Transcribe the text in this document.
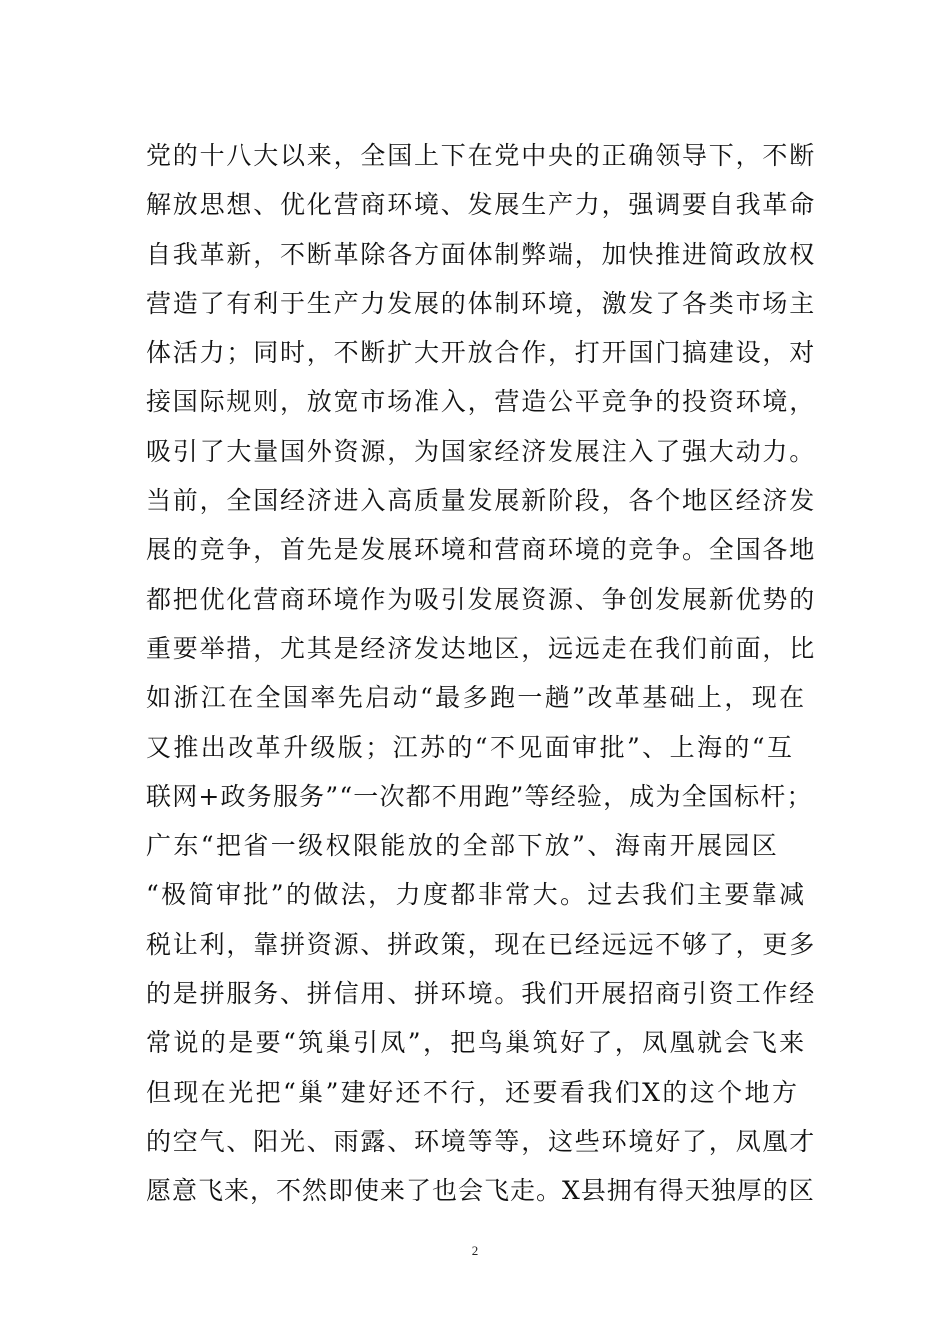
党的十八大以来，全国上下在党中央的正确领导下，不断
解放思想、优化营商环境、发展生产力，强调要自我革命
自我革新，不断革除各方面体制弊端，加快推进简政放权
营造了有利于生产力发展的体制环境，激发了各类市场主
体活力；同时，不断扩大开放合作，打开国门搞建设，对
接国际规则，放宽市场准入，营造公平竞争的投资环境，
吸引了大量国外资源，为国家经济发展注入了强大动力。
当前，全国经济进入高质量发展新阶段，各个地区经济发
展的竞争，首先是发展环境和营商环境的竞争。全国各地
都把优化营商环境作为吸引发展资源、争创发展新优势的
重要举措，尤其是经济发达地区，远远走在我们前面，比
如浙江在全国率先启动“最多跑一趟”改革基础上，现在
又推出改革升级版；江苏的“不见面审批”、上海的“互
联网+政务服务”“一次都不用跑”等经验，成为全国标杆；
广东“把省一级权限能放的全部下放”、海南开展园区
“极简审批”的做法，力度都非常大。过去我们主要靠减
税让利，靠拼资源、拼政策，现在已经远远不够了，更多
的是拼服务、拼信用、拼环境。我们开展招商引资工作经
常说的是要“筑巢引凤”，把鸟巢筑好了，凤凰就会飞来
但现在光把“巢”建好还不行，还要看我们X的这个地方
的空气、阳光、雨露、环境等等，这些环境好了，凤凰才
愿意飞来，不然即使来了也会飞走。X县拥有得天独厚的区
2
